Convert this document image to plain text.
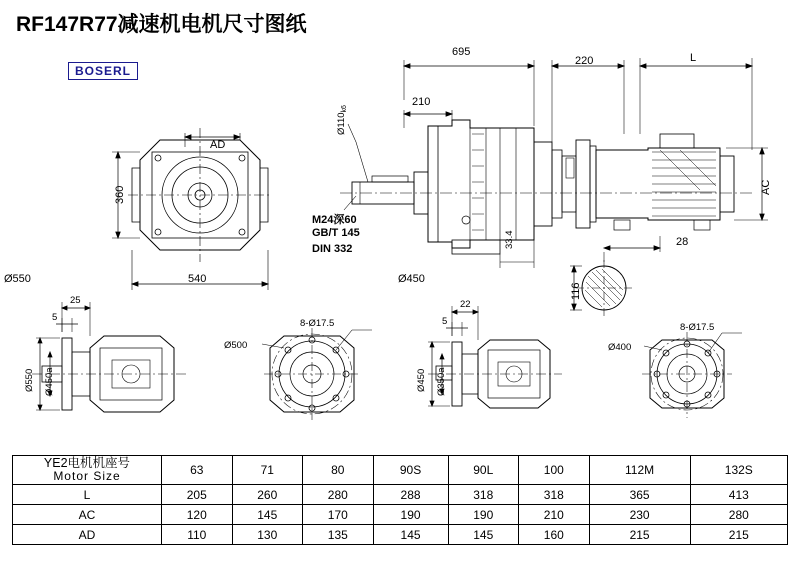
RF147R77减速机电机尺寸图纸
BOSERL
695
220	L
210
AD
360
540
AC
28
116
33.4
$Ø110_{k6}$
M24深60
GB/T 145
DIN 332
Ø550	Ø450
25
5
22
5
8-Ø17.5	8-Ø17.5
Ø500	Ø400
Ø550 Ø450a	Ø450 Ø350a
YE2电机机座号
Motor Size	63	71	80	90S	90L	100	112M	132S
L	205	260	280	288	318	318	365	413
AC	120	145	170	190	190	210	230	280
AD	110	130	135	145	145	160	215	215
